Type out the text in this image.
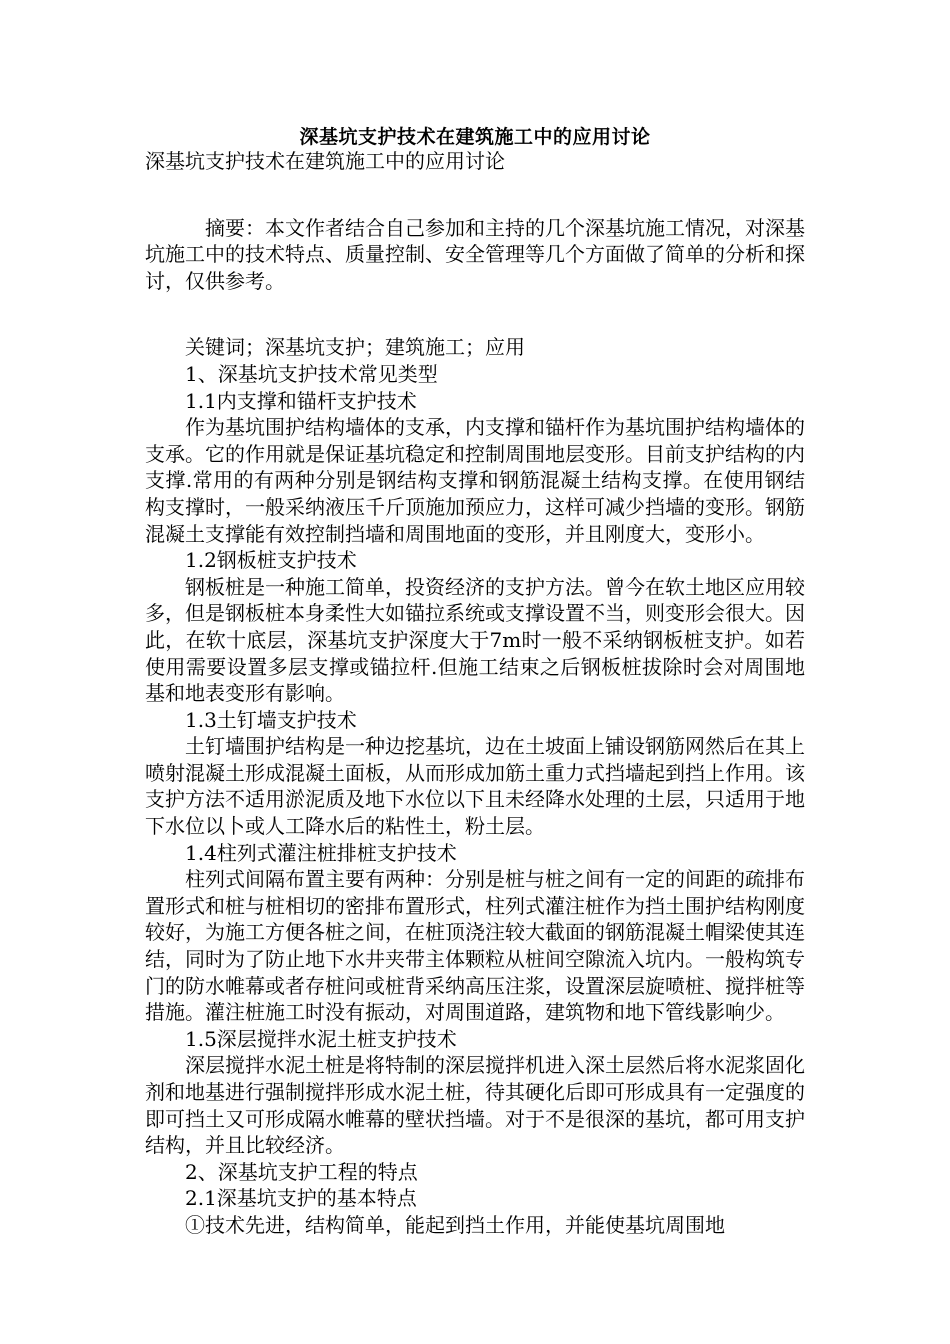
深基坑支护技术在建筑施工中的应用讨论

深基坑支护技术在建筑施工中的应用讨论

摘要：本文作者结合自己参加和主持的几个深基坑施工情况，对深基坑施工中的技术特点、质量控制、安全管理等几个方面做了简单的分析和探讨，仅供参考。

关键词；深基坑支护；建筑施工；应用

1、深基坑支护技术常见类型

1.1内支撑和锚杆支护技术

作为基坑围护结构墙体的支承，内支撑和锚杆作为基坑围护结构墙体的支承。它的作用就是保证基坑稳定和控制周围地层变形。目前支护结构的内支撑.常用的有两种分别是钢结构支撑和钢筋混凝土结构支撑。在使用钢结构支撑时，一般采纳液压千斤顶施加预应力，这样可减少挡墙的变形。钢筋混凝土支撑能有效控制挡墙和周围地面的变形，并且刚度大，变形小。

1.2钢板桩支护技术

钢板桩是一种施工简单，投资经济的支护方法。曾今在软土地区应用较多，但是钢板桩本身柔性大如锚拉系统或支撑设置不当，则变形会很大。因此，在软十底层，深基坑支护深度大于7m时一般不采纳钢板桩支护。如若使用需要设置多层支撑或锚拉杆.但施工结束之后钢板桩拔除时会对周围地基和地表变形有影响。

1.3土钉墙支护技术

土钉墙围护结构是一种边挖基坑，边在土坡面上铺设钢筋网然后在其上喷射混凝土形成混凝土面板，从而形成加筋土重力式挡墙起到挡上作用。该支护方法不适用淤泥质及地下水位以下且未经降水处理的土层，只适用于地下水位以卜或人工降水后的粘性土，粉土层。

1.4柱列式灌注桩排桩支护技术

柱列式间隔布置主要有两种：分别是桩与桩之间有一定的间距的疏排布置形式和桩与桩相切的密排布置形式，柱列式灌注桩作为挡土围护结构刚度较好，为施工方便各桩之间，在桩顶浇注较大截面的钢筋混凝土帽梁使其连结，同时为了防止地下水井夹带主体颗粒从桩间空隙流入坑内。一般构筑专门的防水帷幕或者存桩问或桩背采纳高压注浆，设置深层旋喷桩、搅拌桩等措施。灌注桩施工时没有振动，对周围道路，建筑物和地下管线影响少。

1.5深层搅拌水泥土桩支护技术

深层搅拌水泥土桩是将特制的深层搅拌机进入深土层然后将水泥浆固化剂和地基进行强制搅拌形成水泥土桩，待其硬化后即可形成具有一定强度的即可挡土又可形成隔水帷幕的壁状挡墙。对于不是很深的基坑，都可用支护结构，并且比较经济。

2、深基坑支护工程的特点

2.1深基坑支护的基本特点

①技术先进，结构简单，能起到挡土作用，并能使基坑周围地
